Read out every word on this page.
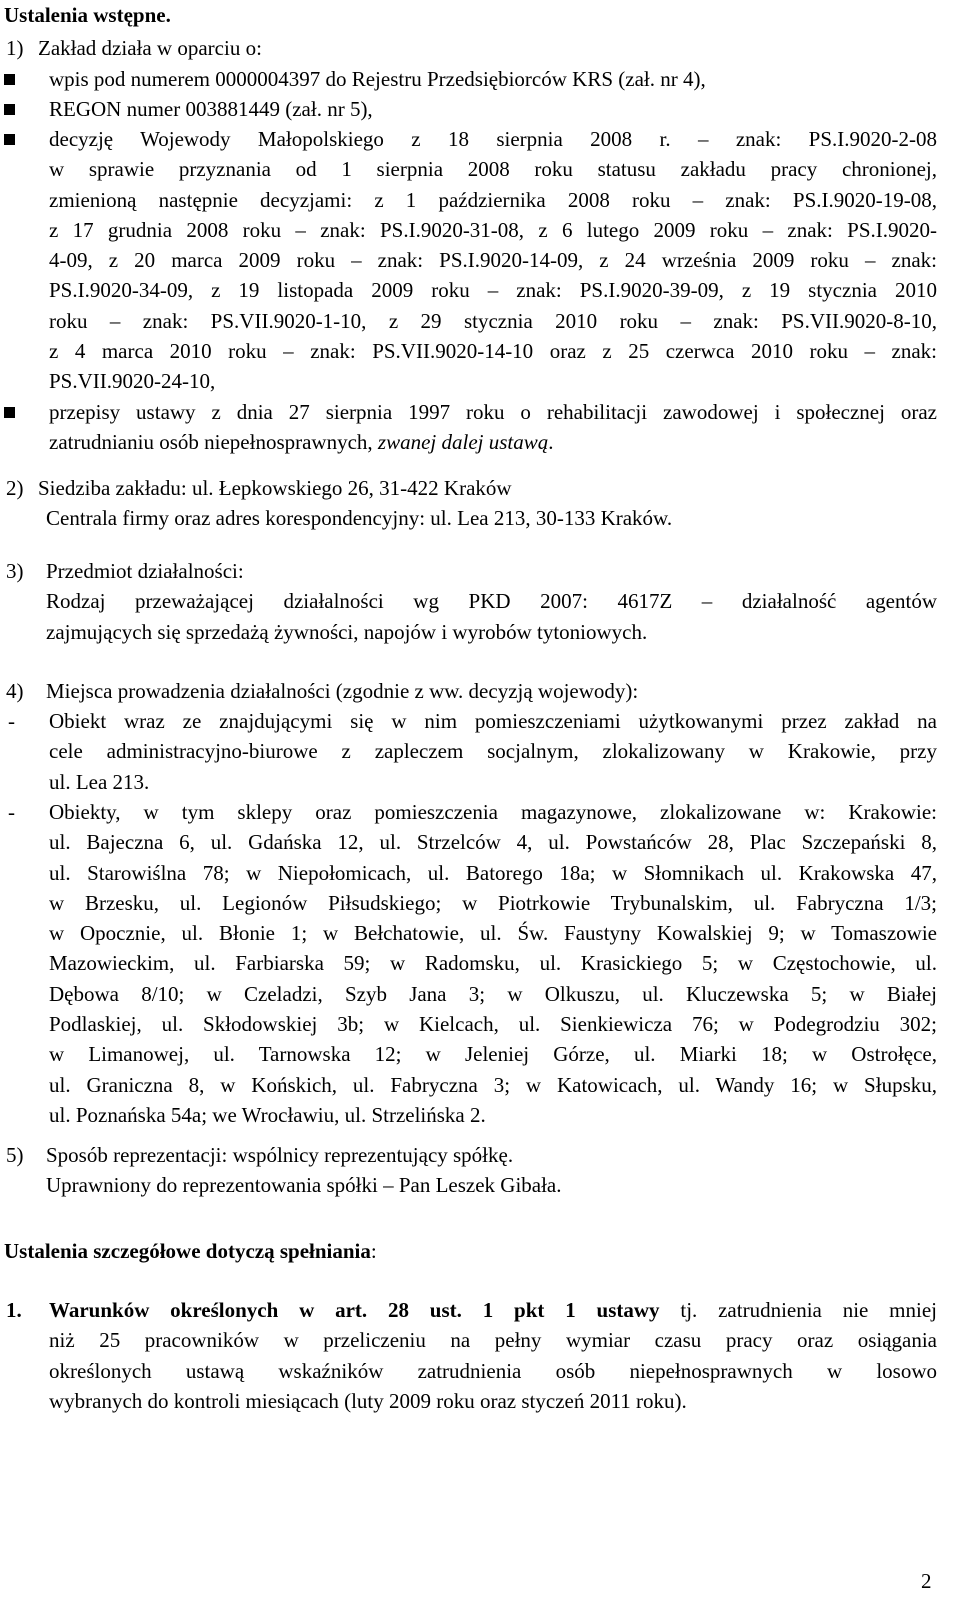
Ustalenia wstępne.
1) Zakład działa w oparciu o:
wpis pod numerem 0000004397 do Rejestru Przedsiębiorców KRS (zał. nr 4),
REGON numer 003881449 (zał. nr 5),

decyzję Wojewody Małopolskiego z 18 sierpnia 2008 r. – znak: PS.I.9020-2-08

w sprawie przyznania od 1 sierpnia 2008 roku statusu zakładu pracy chronionej,

zmienioną następnie decyzjami: z 1 października 2008 roku – znak: PS.I.9020-19-08,

z 17 grudnia 2008 roku – znak: PS.I.9020-31-08, z 6 lutego 2009 roku – znak: PS.I.9020-

4-09, z 20 marca 2009 roku – znak: PS.I.9020-14-09, z 24 września 2009 roku – znak:

PS.I.9020-34-09, z 19 listopada 2009 roku – znak: PS.I.9020-39-09, z 19 stycznia 2010

roku – znak: PS.VII.9020-1-10, z 29 stycznia 2010 roku – znak: PS.VII.9020-8-10,

z 4 marca 2010 roku – znak: PS.VII.9020-14-10 oraz z 25 czerwca 2010 roku – znak:

PS.VII.9020-24-10,

przepisy ustawy z dnia 27 sierpnia 1997 roku o rehabilitacji zawodowej i społecznej oraz

zatrudnianiu osób niepełnosprawnych, zwanej dalej ustawą.

2) Siedziba zakładu: ul. Łepkowskiego 26, 31-422 Kraków

Centrala firmy oraz adres korespondencyjny: ul. Lea 213, 30-133 Kraków.

3) Przedmiot działalności:

Rodzaj przeważającej działalności wg PKD 2007: 4617Z – działalność agentów

zajmujących się sprzedażą żywności, napojów i wyrobów tytoniowych.

4) Miejsca prowadzenia działalności (zgodnie z ww. decyzją wojewody):
- Obiekt wraz ze znajdującymi się w nim pomieszczeniami użytkowanymi przez zakład na

cele administracyjno-biurowe z zapleczem socjalnym, zlokalizowany w Krakowie, przy

ul. Lea 213.

- Obiekty, w tym sklepy oraz pomieszczenia magazynowe, zlokalizowane w: Krakowie:

ul. Bajeczna 6, ul. Gdańska 12, ul. Strzelców 4, ul. Powstańców 28, Plac Szczepański 8,

ul. Starowiślna 78; w Niepołomicach, ul. Batorego 18a; w Słomnikach ul. Krakowska 47,

w Brzesku, ul. Legionów Piłsudskiego; w Piotrkowie Trybunalskim, ul. Fabryczna 1/3;

w Opocznie, ul. Błonie 1; w Bełchatowie, ul. Św. Faustyny Kowalskiej 9; w Tomaszowie

Mazowieckim, ul. Farbiarska 59; w Radomsku, ul. Krasickiego 5; w Częstochowie, ul.

Dębowa 8/10; w Czeladzi, Szyb Jana 3; w Olkuszu, ul. Kluczewska 5; w Białej

Podlaskiej, ul. Skłodowskiej 3b; w Kielcach, ul. Sienkiewicza 76; w Podegrodziu 302;

w Limanowej, ul. Tarnowska 12; w Jeleniej Górze, ul. Miarki 18; w Ostrołęce,

ul. Graniczna 8, w Końskich, ul. Fabryczna 3; w Katowicach, ul. Wandy 16; w Słupsku,

ul. Poznańska 54a; we Wrocławiu, ul. Strzelińska 2.

5) Sposób reprezentacji: wspólnicy reprezentujący spółkę.

Uprawniony do reprezentowania spółki – Pan Leszek Gibała.

Ustalenia szczegółowe dotyczą spełniania:
1. Warunków określonych w art. 28 ust. 1 pkt 1 ustawy tj. zatrudnienia nie mniej

niż 25 pracowników w przeliczeniu na pełny wymiar czasu pracy oraz osiągania

określonych ustawą wskaźników zatrudnienia osób niepełnosprawnych w losowo

wybranych do kontroli miesiącach (luty 2009 roku oraz styczeń 2011 roku).

2
